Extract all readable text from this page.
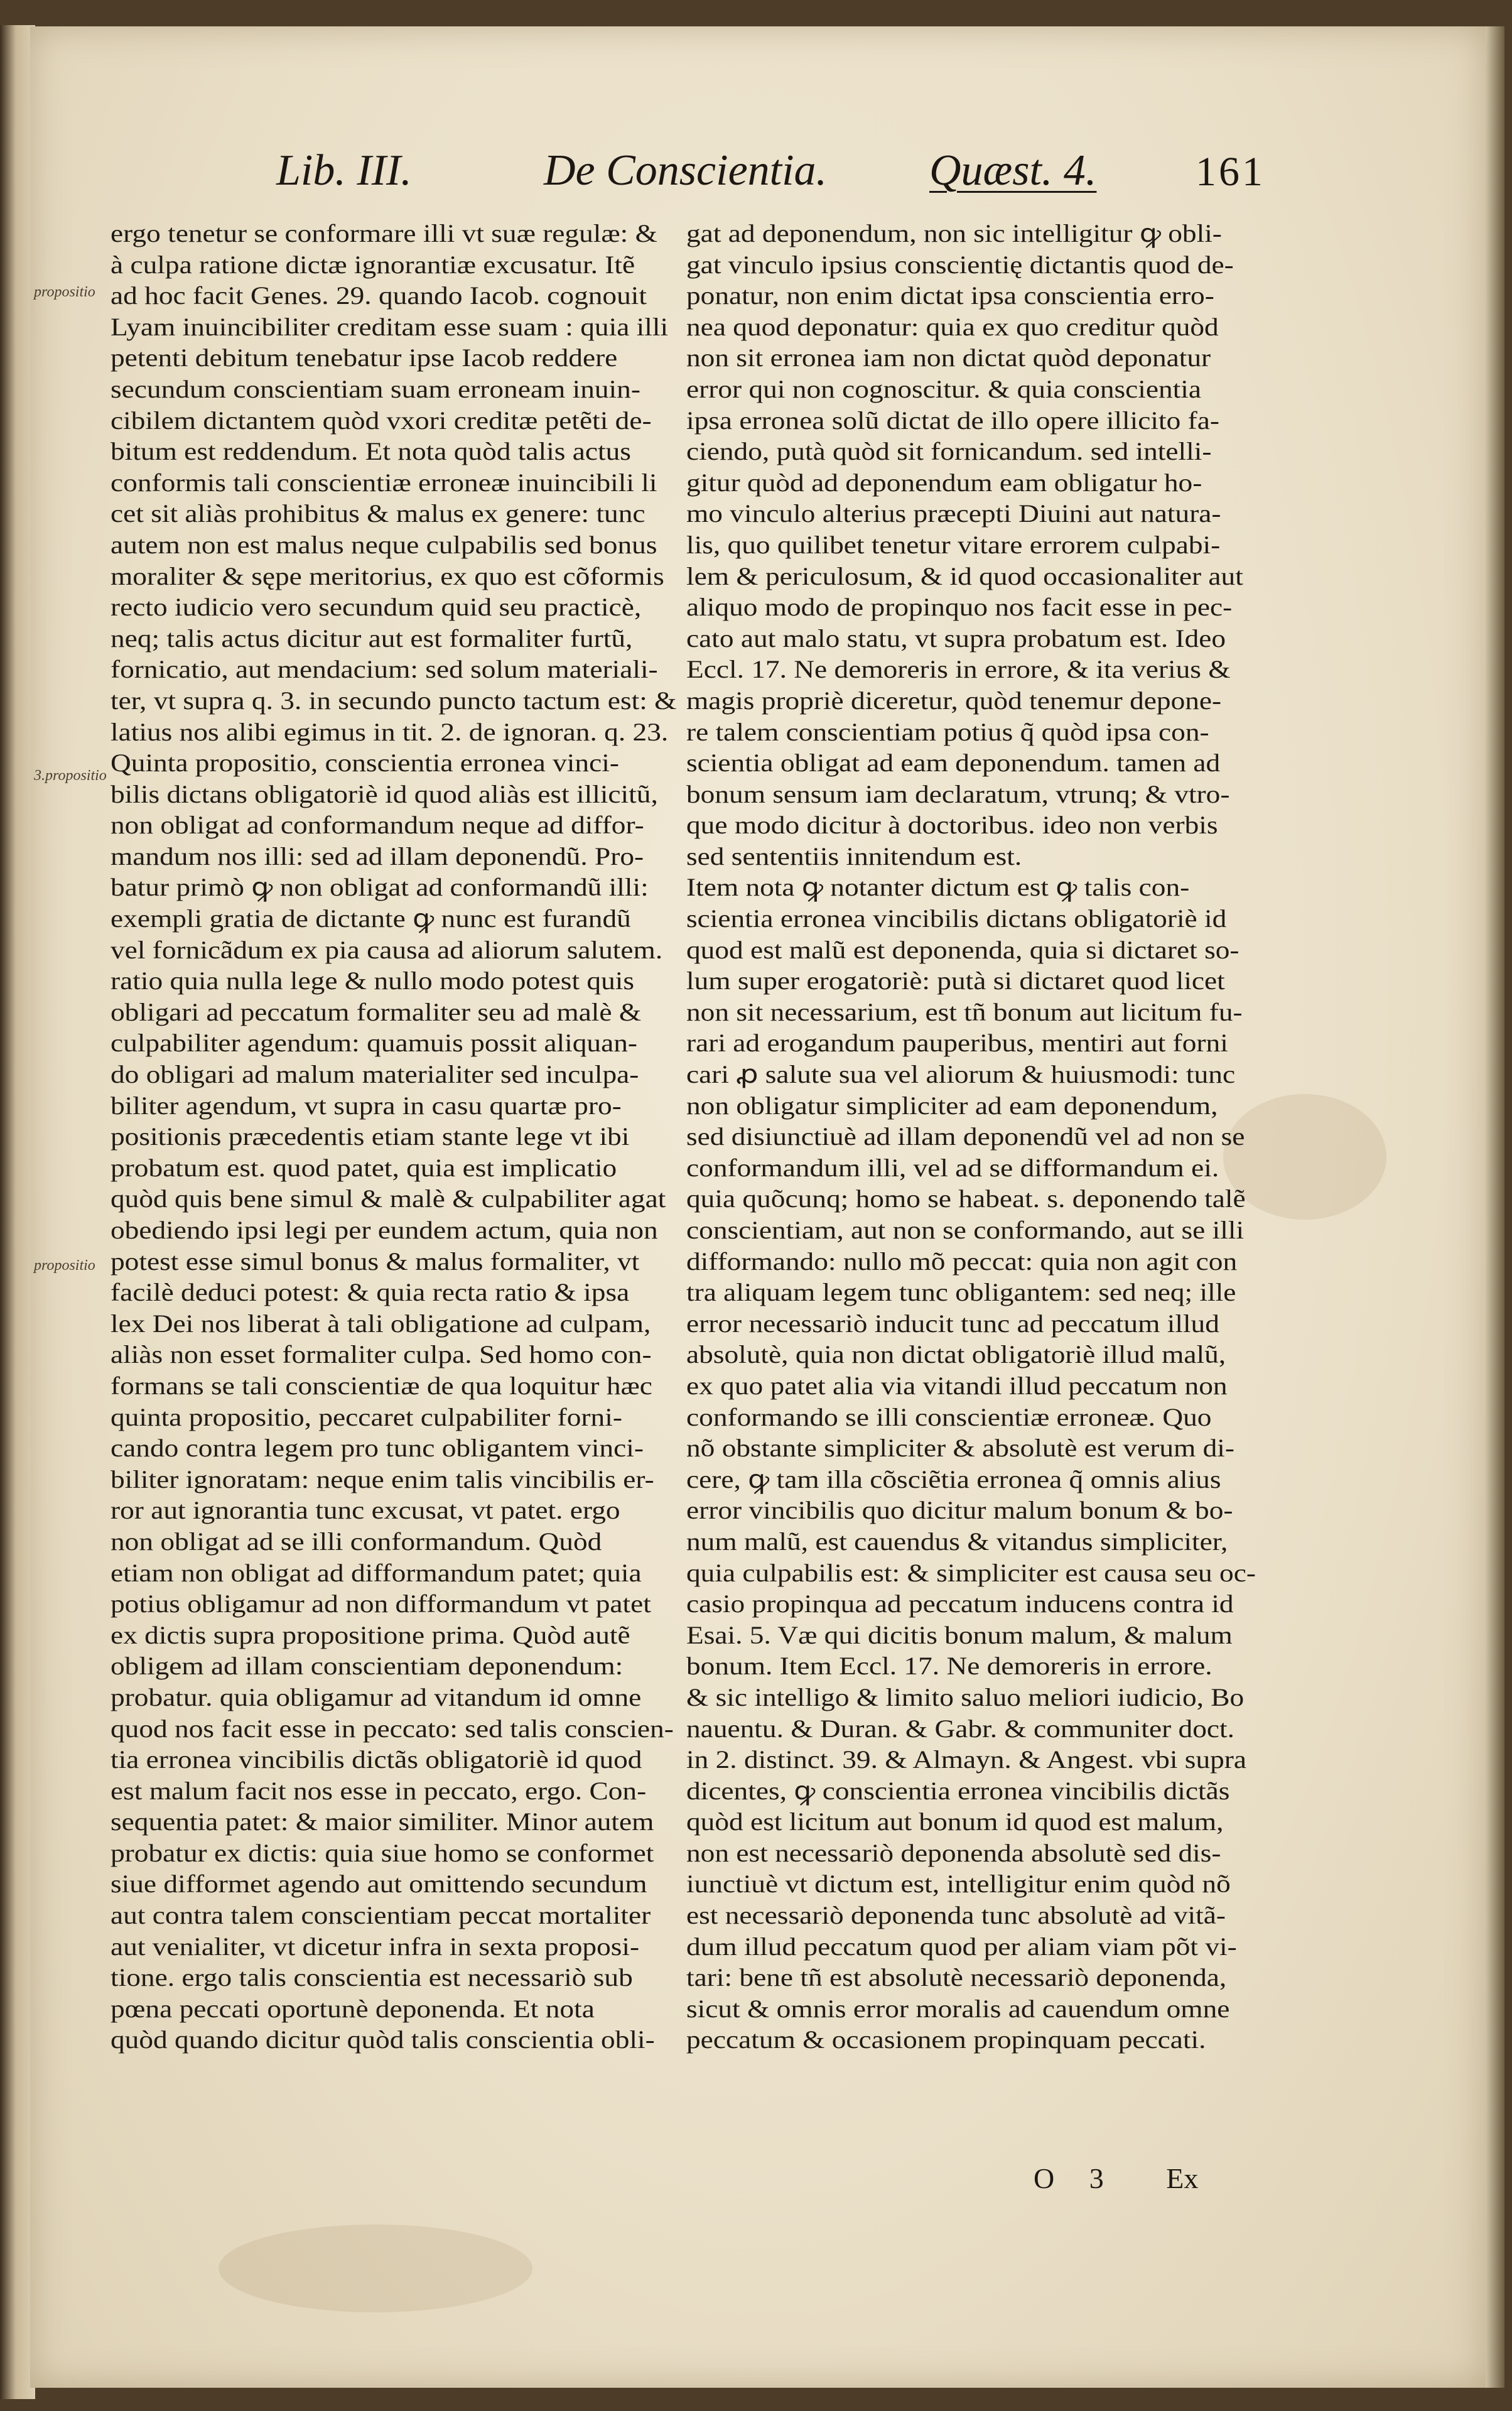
Lib. III.	De Conscientia. Quæst. 4. 161
3.propositio
propositio
propositio
ergo tenetur se conformare illi vt suæ regulæ: &
à culpa ratione dictæ ignorantiæ excusatur. Itẽ
ad hoc facit Genes. 29. quando Iacob. cognouit
Lyam inuincibiliter creditam esse suam : quia illi
petenti debitum tenebatur ipse Iacob reddere
secundum conscientiam suam erroneam inuin-
cibilem dictantem quòd vxori creditæ petẽti de-
bitum est reddendum. Et nota quòd talis actus
conformis tali conscientiæ erroneæ inuincibili li
cet sit aliàs prohibitus & malus ex genere: tunc
autem non est malus neque culpabilis sed bonus
moraliter & sępe meritorius, ex quo est cõformis
recto iudicio vero secundum quid seu practicè,
neq; talis actus dicitur aut est formaliter furtũ,
fornicatio, aut mendacium: sed solum materiali-
ter, vt supra q. 3. in secundo puncto tactum est: &
latius nos alibi egimus in tit. 2. de ignoran. q. 23.
Quinta propositio, conscientia erronea vinci-
bilis dictans obligatoriè id quod aliàs est illicitũ,
non obligat ad conformandum neque ad diffor-
mandum nos illi: sed ad illam deponendũ. Pro-
batur primò ꝙ non obligat ad conformandũ illi:
exempli gratia de dictante ꝙ nunc est furandũ
vel fornicãdum ex pia causa ad aliorum salutem.
ratio quia nulla lege & nullo modo potest quis
obligari ad peccatum formaliter seu ad malè &
culpabiliter agendum: quamuis possit aliquan-
do obligari ad malum materialiter sed inculpa-
biliter agendum, vt supra in casu quartæ pro-
positionis præcedentis etiam stante lege vt ibi
probatum est. quod patet, quia est implicatio
quòd quis bene simul & malè & culpabiliter agat
obediendo ipsi legi per eundem actum, quia non
potest esse simul bonus & malus formaliter, vt
facilè deduci potest: & quia recta ratio & ipsa
lex Dei nos liberat à tali obligatione ad culpam,
aliàs non esset formaliter culpa. Sed homo con-
formans se tali conscientiæ de qua loquitur hæc
quinta propositio, peccaret culpabiliter forni-
cando contra legem pro tunc obligantem vinci-
biliter ignoratam: neque enim talis vincibilis er-
ror aut ignorantia tunc excusat, vt patet. ergo
non obligat ad se illi conformandum. Quòd
etiam non obligat ad difformandum patet; quia
potius obligamur ad non difformandum vt patet
ex dictis supra propositione prima. Quòd autẽ
obligem ad illam conscientiam deponendum:
probatur. quia obligamur ad vitandum id omne
quod nos facit esse in peccato: sed talis conscien-
tia erronea vincibilis dictãs obligatoriè id quod
est malum facit nos esse in peccato, ergo. Con-
sequentia patet: & maior similiter. Minor autem
probatur ex dictis: quia siue homo se conformet
siue difformet agendo aut omittendo secundum
aut contra talem conscientiam peccat mortaliter
aut venialiter, vt dicetur infra in sexta proposi-
tione. ergo talis conscientia est necessariò sub
pœna peccati oportunè deponenda. Et nota
quòd quando dicitur quòd talis conscientia obli-
gat ad deponendum, non sic intelligitur ꝙ obli-
gat vinculo ipsius conscientię dictantis quod de-
ponatur, non enim dictat ipsa conscientia erro-
nea quod deponatur: quia ex quo creditur quòd
non sit erronea iam non dictat quòd deponatur
error qui non cognoscitur. & quia conscientia
ipsa erronea solũ dictat de illo opere illicito fa-
ciendo, putà quòd sit fornicandum. sed intelli-
gitur quòd ad deponendum eam obligatur ho-
mo vinculo alterius præcepti Diuini aut natura-
lis, quo quilibet tenetur vitare errorem culpabi-
lem & periculosum, & id quod occasionaliter aut
aliquo modo de propinquo nos facit esse in pec-
cato aut malo statu, vt supra probatum est. Ideo
Eccl. 17. Ne demoreris in errore, & ita verius &
magis propriè diceretur, quòd tenemur depone-
re talem conscientiam potius q̃ quòd ipsa con-
scientia obligat ad eam deponendum. tamen ad
bonum sensum iam declaratum, vtrunq; & vtro-
que modo dicitur à doctoribus. ideo non verbis
sed sententiis innitendum est.
Item nota ꝙ notanter dictum est ꝙ talis con-
scientia erronea vincibilis dictans obligatoriè id
quod est malũ est deponenda, quia si dictaret so-
lum super erogatoriè: putà si dictaret quod licet
non sit necessarium, est tñ bonum aut licitum fu-
rari ad erogandum pauperibus, mentiri aut forni
cari ꝓ salute sua vel aliorum & huiusmodi: tunc
non obligatur simpliciter ad eam deponendum,
sed disiunctiuè ad illam deponendũ vel ad non se
conformandum illi, vel ad se difformandum ei.
quia quõcunq; homo se habeat. s. deponendo talẽ
conscientiam, aut non se conformando, aut se illi
difformando: nullo mõ peccat: quia non agit con
tra aliquam legem tunc obligantem: sed neq; ille
error necessariò inducit tunc ad peccatum illud
absolutè, quia non dictat obligatoriè illud malũ,
ex quo patet alia via vitandi illud peccatum non
conformando se illi conscientiæ erroneæ. Quo
nõ obstante simpliciter & absolutè est verum di-
cere, ꝙ tam illa cõsciẽtia erronea q̃ omnis alius
error vincibilis quo dicitur malum bonum & bo-
num malũ, est cauendus & vitandus simpliciter,
quia culpabilis est: & simpliciter est causa seu oc-
casio propinqua ad peccatum inducens contra id
Esai. 5. Væ qui dicitis bonum malum, & malum
bonum. Item Eccl. 17. Ne demoreris in errore.
& sic intelligo & limito saluo meliori iudicio, Bo
nauentu. & Duran. & Gabr. & communiter doct.
in 2. distinct. 39. & Almayn. & Angest. vbi supra
dicentes, ꝙ conscientia erronea vincibilis dictãs
quòd est licitum aut bonum id quod est malum,
non est necessariò deponenda absolutè sed dis-
iunctiuè vt dictum est, intelligitur enim quòd nõ
est necessariò deponenda tunc absolutè ad vitã-
dum illud peccatum quod per aliam viam põt vi-
tari: bene tñ est absolutè necessariò deponenda,
sicut & omnis error moralis ad cauendum omne
peccatum & occasionem propinquam peccati.
O 3 Ex
